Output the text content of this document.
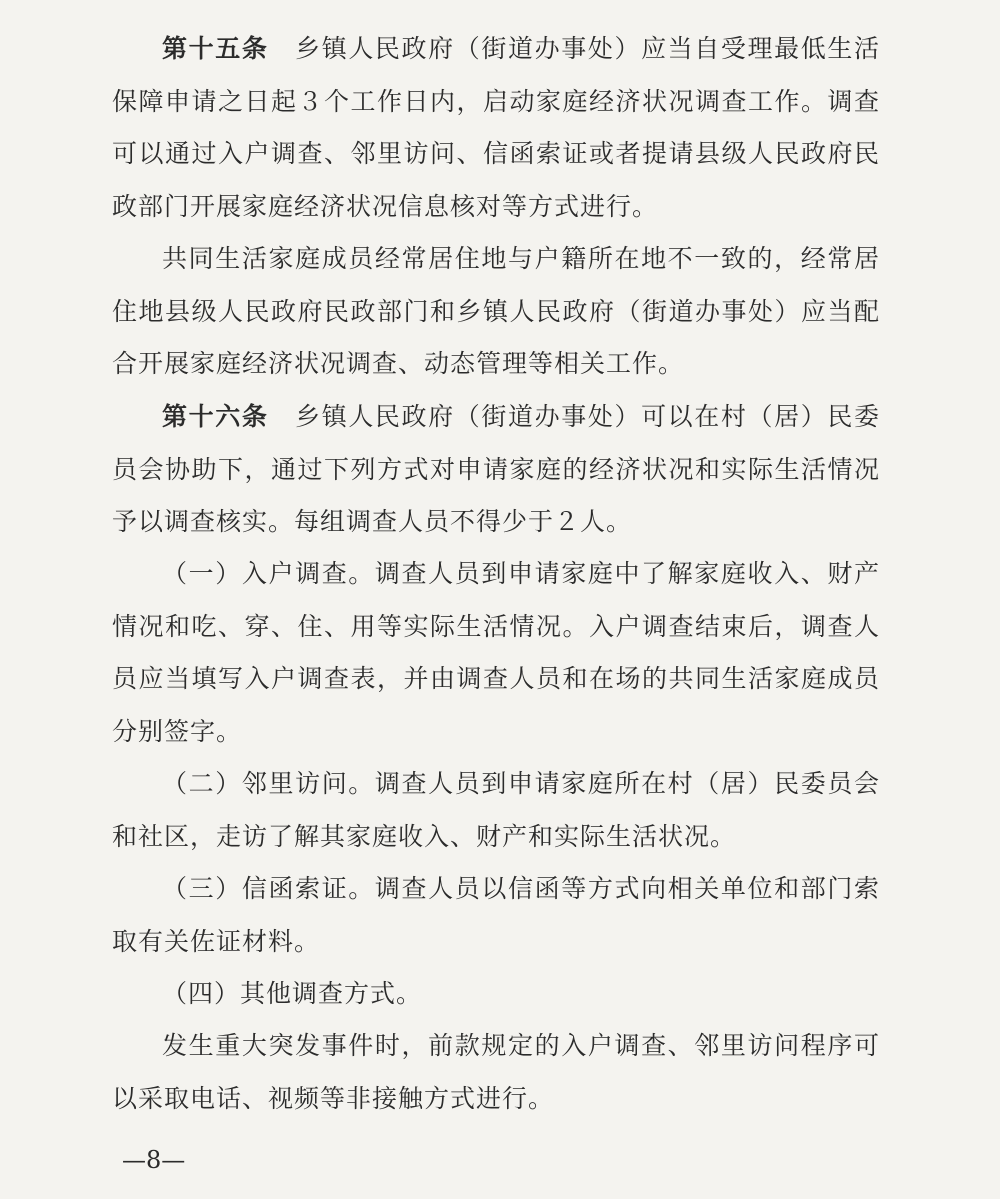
第十五条　 乡镇人民政府（街道办事处）应当自受理最低生活保障申请之日起３个工作日内，启动家庭经济状况调查工作。调查可以通过入户调查、邻里访问、信函索证或者提请县级人民政府民政部门开展家庭经济状况信息核对等方式进行。

共同生活家庭成员经常居住地与户籍所在地不一致的，经常居住地县级人民政府民政部门和乡镇人民政府（街道办事处）应当配合开展家庭经济状况调查、动态管理等相关工作。

第十六条　 乡镇人民政府（街道办事处）可以在村（居）民委员会协助下，通过下列方式对申请家庭的经济状况和实际生活情况予以调查核实。每组调查人员不得少于２人。

（一）入户调查。调查人员到申请家庭中了解家庭收入、财产情况和吃、穿、住、用等实际生活情况。入户调查结束后，调查人员应当填写入户调查表，并由调查人员和在场的共同生活家庭成员分别签字。

（二）邻里访问。调查人员到申请家庭所在村（居）民委员会和社区，走访了解其家庭收入、财产和实际生活状况。

（三）信函索证。调查人员以信函等方式向相关单位和部门索取有关佐证材料。

（四）其他调查方式。

发生重大突发事件时，前款规定的入户调查、邻里访问程序可以采取电话、视频等非接触方式进行。

—8—
